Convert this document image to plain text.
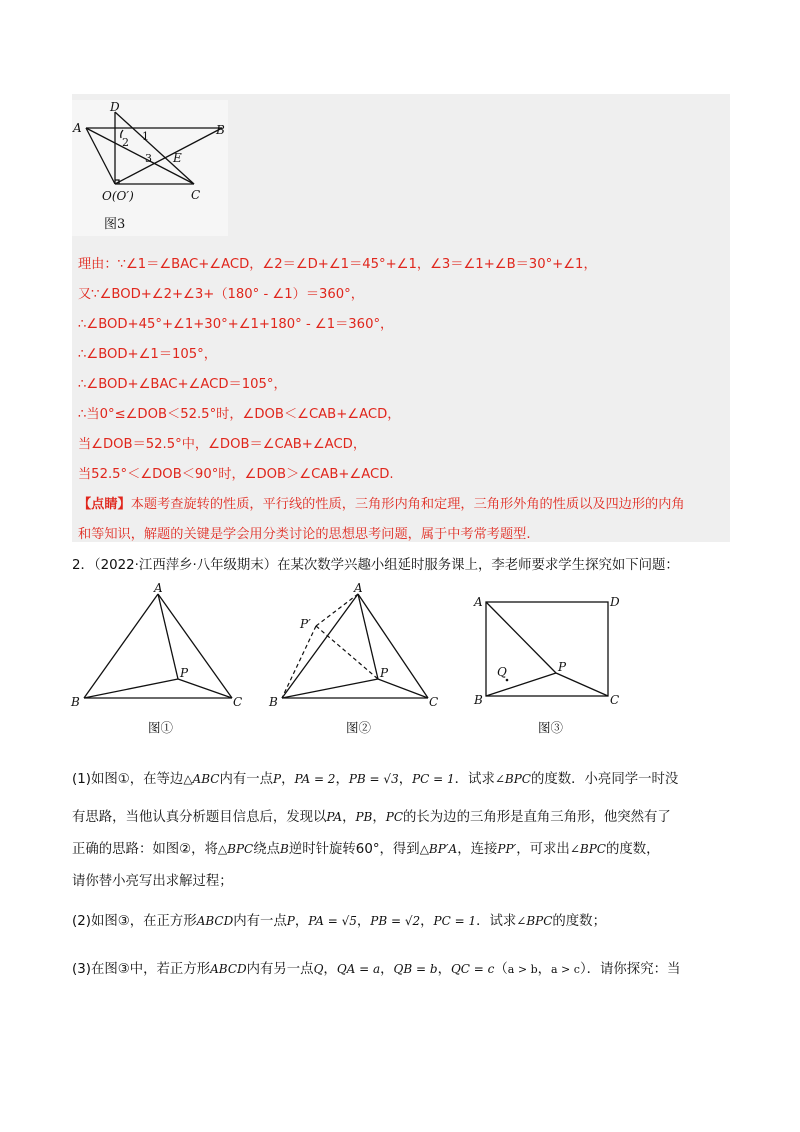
D
A	B
O(O′)	C
E
1
2
3
图3
理由：∵∠1＝∠BAC+∠ACD，∠2＝∠D+∠1＝45°+∠1，∠3＝∠1+∠B＝30°+∠1，
又∵∠BOD+∠2+∠3+（180° - ∠1）＝360°，
∴∠BOD+45°+∠1+30°+∠1+180° - ∠1＝360°，
∴∠BOD+∠1＝105°，
∴∠BOD+∠BAC+∠ACD＝105°，
∴当0°≤∠DOB＜52.5°时，∠DOB＜∠CAB+∠ACD，
当∠DOB＝52.5°中，∠DOB＝∠CAB+∠ACD，
当52.5°＜∠DOB＜90°时，∠DOB＞∠CAB+∠ACD.
【点睛】本题考查旋转的性质，平行线的性质，三角形内角和定理，三角形外角的性质以及四边形的内角
和等知识，解题的关键是学会用分类讨论的思想思考问题，属于中考常考题型.
2．（2022·江西萍乡·八年级期末）在某次数学兴趣小组延时服务课上，李老师要求学生探究如下问题：
A
B	C
P
图①
A
B	C
P
P′
图②
A	D
B	C
P
Q
图③
(1)如图①，在等边△ABC内有一点P，PA = 2，PB = √3，PC = 1．试求∠BPC的度数．小亮同学一时没
有思路，当他认真分析题目信息后，发现以PA，PB，PC的长为边的三角形是直角三角形，他突然有了
正确的思路：如图②，将△BPC绕点B逆时针旋转60°，得到△BP′A，连接PP′，可求出∠BPC的度数，
请你替小亮写出求解过程；
(2)如图③，在正方形ABCD内有一点P，PA = √5，PB = √2，PC = 1．试求∠BPC的度数；
(3)在图③中，若正方形ABCD内有另一点Q，QA = a，QB = b，QC = c（a > b，a > c）．请你探究：当
